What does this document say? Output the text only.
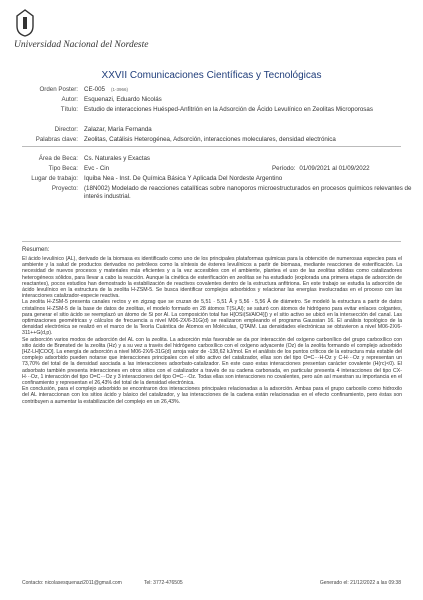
Universidad Nacional del Nordeste
XXVII Comunicaciones Científicas y Tecnológicas
Orden Poster: CE-005 (1-3966)
Autor: Esquenazi, Eduardo Nicolás
Título: Estudio de interacciones Huésped-Anfitrión en la Adsorción de Ácido Levulínico en Zeolitas Microporosas
Director: Zalazar, María Fernanda
Palabras clave: Zeolitas, Catálisis Heterogénea, Adsorción, interacciones moleculares, densidad electrónica
Área de Beca: Cs. Naturales y Exactas
Tipo Beca: Evc - Cin	Período: 01/09/2021 al 01/09/2022
Lugar de trabajo: Iquiba Nea - Inst. De Química Básica Y Aplicada Del Nordeste Argentino
Proyecto: (18N002) Modelado de reacciones catalíticas sobre nanoporos microestructurados en procesos químicos relevantes de interés industrial.
Resumen:

El ácido levulínico (AL), derivado de la biomasa es identificado como uno de los principales plataformas químicas para la obtención de numerosas especies para el ambiente y la salud de productos derivados no petróleos como la síntesis de ésteres levulínicos a partir de biomasa, mediante reacciones de esterificación. La necesidad de nuevos procesos y materiales más eficientes y a la vez accesibles con el ambiente, plantea el uso de las zeolitas sólidas como catalizadores heterogéneos sólidos, para llevar a cabo la reacción. Aunque la cinética de esterificación en zeolitas se ha estudiado (explorada una primera etapa de adsorción de reactantes), pocos estudios han demostrado la estabilización de reactivos covalentes dentro de la estructura anfitriona. En este trabajo se estudia la adsorción de ácido levulínico en la estructura de la zeolita H-ZSM-5. Se busca identificar complejos adsorbidos y relacionar las energías involucradas en el proceso con las interacciones catalizador-especie reactiva.

La zeolita H-ZSM-5 presenta canales rectos y en zigzag que se cruzan de 5,51 · 5,51 Å y 5,56 · 5,56 Å de diámetro. Se modeló la estructura a partir de datos cristalinos H-ZSM-5 de la base de datos de zeolitas, el modelo formado en 28 átomos T(Si,Al); se saturó con átomos de hidrógeno para evitar enlaces colgantes, para generar el sitio ácido se reemplazó un átomo de Si por Al. La composición total fue H[OSi(Si/AlO4)]) y el sitio activo se ubicó en la intersección del canal. Las optimizaciones geométricas y cálculos de frecuencia a nivel M06-2X/6-31G(d) se realizaron empleando el programa Gaussian 16. El análisis topológico de la densidad electrónica se realizó en el marco de la Teoría Cuántica de Átomos en Moléculas, QTAIM. Las densidades electrónicas se obtuvieron a nivel M06-2X/6-311++G(d,p).

Se adsorción varios modos de adsorción del AL con la zeolita. La adsorción más favorable se da por interacción del oxígeno carbonílico del grupo carboxílico con sitio ácido de Brønsted de la zeolita (Hz) y a su vez a través del hidrógeno carboxílico con el oxígeno adyacente (Oz) de la zeolita formando el complejo adsorbido [HZ-LH]COO]. La energía de adsorción a nivel M06-2X/6-31G(d) arroja valor de -138,62 kJ/mol. En el análisis de los puntos críticos de la estructura más estable del complejo adsorbido pueden notarse que interacciones principales con el sitio activo del catalizador, ellas son del tipo O=C···H-Oz y C-H···Oz y representan un 73,70% del total de la densidad asociada a las interacciones adsorbato-catalizador. En este caso estas interacciones presentan carácter covalente (H(rc)<0). El adsorbato también presenta interacciones en otros sitios con el catalizador a través de su cadena carbonada, en particular presenta 4 interacciones del tipo CX-H···Oz, 1 interacción del tipo O=C···Oz y 3 interacciones del tipo O=C···Oz. Todas ellas son interacciones no covalentes, pero aún así muestran su importancia en el confinamiento y representan el 26,43% del total de la densidad electrónica.

En conclusión, para el complejo adsorbido se encontraron dos interacciones principales relacionadas a la adsorción. Ambas para el grupo carboxilo como hidroxilo del AL interaccionan con los sitios ácido y básico del catalizador, y las interacciones de la cadena están relacionadas en el efecto confinamiento, pero éstas son contribuyen a aumentar la estabilización del complejo en un 26,43%.

Contacto: nicolasesquenazi2011@gmail.com	Tel: 3772-476505	Generado el: 21/12/2022 a las 09:38
